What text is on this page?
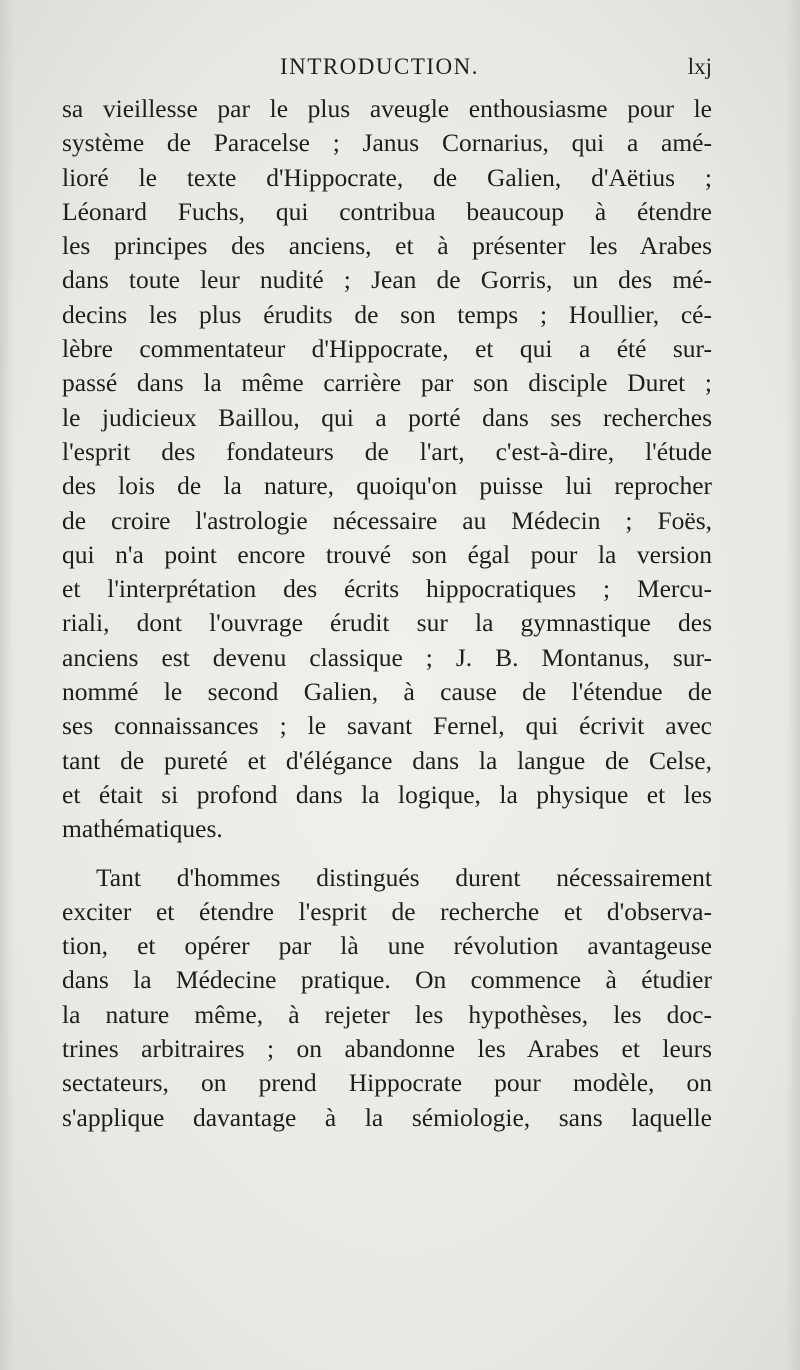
INTRODUCTION.	lxj
sa vieillesse par le plus aveugle enthousiasme pour le
système de Paracelse ; Janus Cornarius, qui a amé-
lioré le texte d'Hippocrate, de Galien, d'Aëtius ;
Léonard Fuchs, qui contribua beaucoup à étendre
les principes des anciens, et à présenter les Arabes
dans toute leur nudité ; Jean de Gorris, un des mé-
decins les plus érudits de son temps ; Houllier, cé-
lèbre commentateur d'Hippocrate, et qui a été sur-
passé dans la même carrière par son disciple Duret ;
le judicieux Baillou, qui a porté dans ses recherches
l'esprit des fondateurs de l'art, c'est-à-dire, l'étude
des lois de la nature, quoiqu'on puisse lui reprocher
de croire l'astrologie nécessaire au Médecin ; Foës,
qui n'a point encore trouvé son égal pour la version
et l'interprétation des écrits hippocratiques ; Mercu-
riali, dont l'ouvrage érudit sur la gymnastique des
anciens est devenu classique ; J. B. Montanus, sur-
nommé le second Galien, à cause de l'étendue de
ses connaissances ; le savant Fernel, qui écrivit avec
tant de pureté et d'élégance dans la langue de Celse,
et était si profond dans la logique, la physique et les
mathématiques.
Tant d'hommes distingués durent nécessairement
exciter et étendre l'esprit de recherche et d'observa-
tion, et opérer par là une révolution avantageuse
dans la Médecine pratique. On commence à étudier
la nature même, à rejeter les hypothèses, les doc-
trines arbitraires ; on abandonne les Arabes et leurs
sectateurs, on prend Hippocrate pour modèle, on
s'applique davantage à la sémiologie, sans laquelle
